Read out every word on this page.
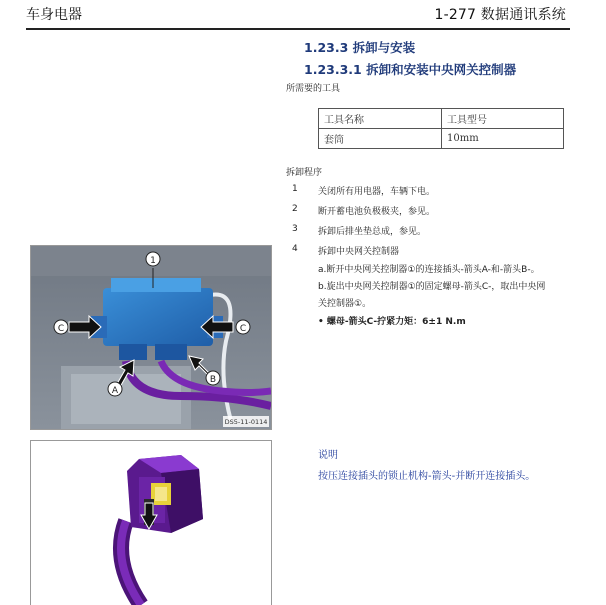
车身电器	1-277 数据通讯系统
1.23.3 拆卸与安装
1.23.3.1 拆卸和安装中央网关控制器
所需要的工具
工具名称	工具型号
套筒	10mm
拆卸程序
1 关闭所有用电器，车辆下电。
2 断开蓄电池负极极夹，参见。
3 拆卸后排坐垫总成，参见。
4 拆卸中央网关控制器
a.断开中央网关控制器①的连接插头-箭头A-和-箭头B-。
b.旋出中央网关控制器①的固定螺母-箭头C-，取出中央网
关控制器①。
• 螺母-箭头C-拧紧力矩：6±1 N.m
1
C	C
A
B
DS5-11-0114
说明
按压连接插头的锁止机构-箭头-并断开连接插头。
